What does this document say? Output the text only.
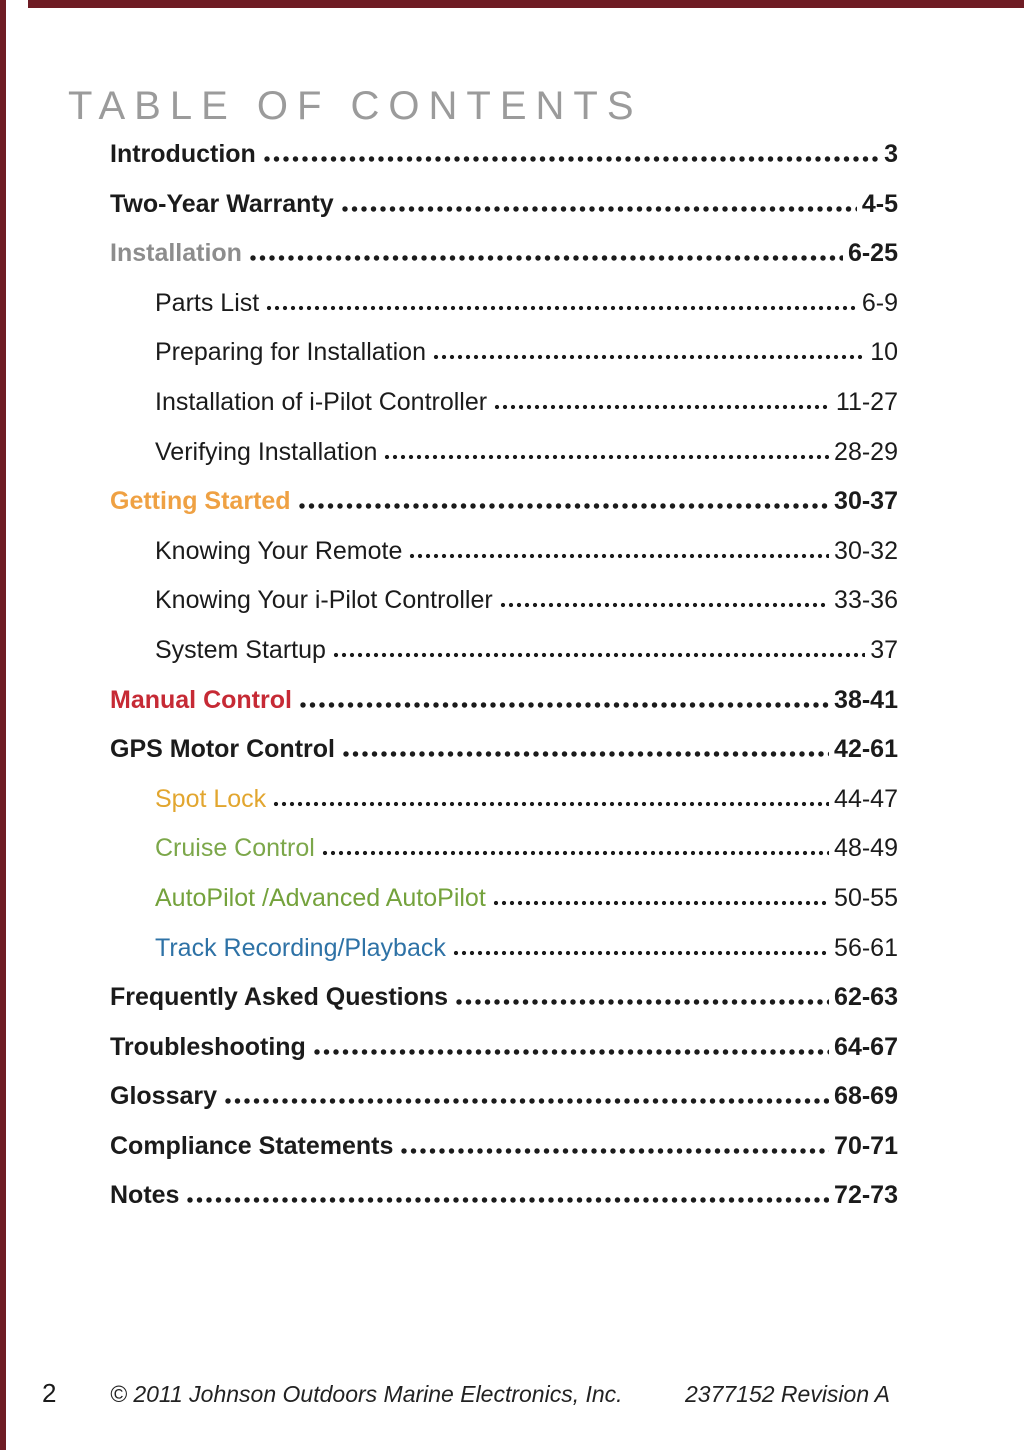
TABLE OF CONTENTS
Introduction	3
Two-Year Warranty	4-5
Installation	6-25
Parts List	6-9
Preparing for Installation	10
Installation of i-Pilot Controller	11-27
Verifying Installation	28-29
Getting Started	30-37
Knowing Your Remote	30-32
Knowing Your i-Pilot Controller	33-36
System Startup	37
Manual Control	38-41
GPS Motor Control	42-61
Spot Lock	44-47
Cruise Control	48-49
AutoPilot /Advanced AutoPilot	50-55
Track Recording/Playback	56-61
Frequently Asked Questions	62-63
Troubleshooting	64-67
Glossary	68-69
Compliance Statements	70-71
Notes	72-73
2 © 2011 Johnson Outdoors Marine Electronics, Inc.	2377152 Revision A
